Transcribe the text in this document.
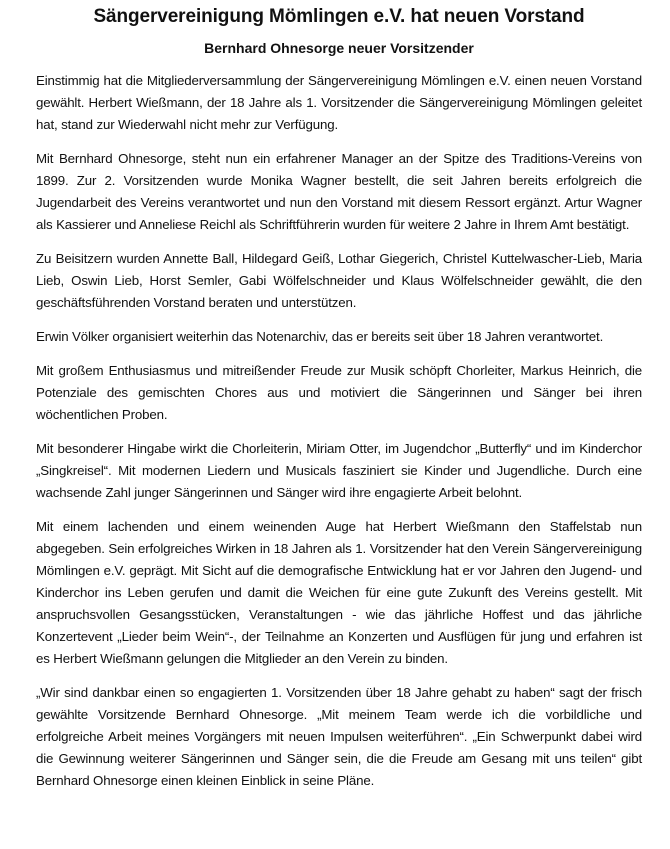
Sängervereinigung Mömlingen e.V. hat neuen Vorstand
Bernhard Ohnesorge neuer Vorsitzender

Einstimmig hat die Mitgliederversammlung der Sängervereinigung Mömlingen e.V. einen neuen Vorstand gewählt. Herbert Wießmann, der 18 Jahre als 1. Vorsitzender die Sängervereinigung Mömlingen geleitet hat, stand zur Wiederwahl nicht mehr zur Verfügung.

Mit Bernhard Ohnesorge, steht nun ein erfahrener Manager an der Spitze des Traditions-Vereins von 1899. Zur 2. Vorsitzenden wurde Monika Wagner bestellt, die seit Jahren bereits erfolgreich die Jugendarbeit des Vereins verantwortet und nun den Vorstand mit diesem Ressort ergänzt. Artur Wagner als Kassierer und Anneliese Reichl als Schriftführerin wurden für weitere 2 Jahre in Ihrem Amt bestätigt.

Zu Beisitzern wurden Annette Ball, Hildegard Geiß, Lothar Giegerich, Christel Kuttelwascher-Lieb, Maria Lieb, Oswin Lieb, Horst Semler, Gabi Wölfelschneider und Klaus Wölfelschneider gewählt, die den geschäftsführenden Vorstand beraten und unterstützen.

Erwin Völker organisiert weiterhin das Notenarchiv, das er bereits seit über 18 Jahren verantwortet.

Mit großem Enthusiasmus und mitreißender Freude zur Musik schöpft Chorleiter, Markus Heinrich, die Potenziale des gemischten Chores aus und motiviert die Sängerinnen und Sänger bei ihren wöchentlichen Proben.

Mit besonderer Hingabe wirkt die Chorleiterin, Miriam Otter, im Jugendchor „Butterfly“ und im Kinderchor „Singkreisel“. Mit modernen Liedern und Musicals fasziniert sie Kinder und Jugendliche. Durch eine wachsende Zahl junger Sängerinnen und Sänger wird ihre engagierte Arbeit belohnt.

Mit einem lachenden und einem weinenden Auge hat Herbert Wießmann den Staffelstab nun abgegeben. Sein erfolgreiches Wirken in 18 Jahren als 1. Vorsitzender hat den Verein Sängervereinigung Mömlingen e.V. geprägt. Mit Sicht auf die demografische Entwicklung hat er vor Jahren den Jugend- und Kinderchor ins Leben gerufen und damit die Weichen für eine gute Zukunft des Vereins gestellt. Mit anspruchsvollen Gesangsstücken, Veranstaltungen - wie das jährliche Hoffest und das jährliche Konzertevent „Lieder beim Wein“-, der Teilnahme an Konzerten und Ausflügen für jung und erfahren ist es Herbert Wießmann gelungen die Mitglieder an den Verein zu binden.

„Wir sind dankbar einen so engagierten 1. Vorsitzenden über 18 Jahre gehabt zu haben“ sagt der frisch gewählte Vorsitzende Bernhard Ohnesorge. „Mit meinem Team werde ich die vorbildliche und erfolgreiche Arbeit meines Vorgängers mit neuen Impulsen weiterführen“. „Ein Schwerpunkt dabei wird die Gewinnung weiterer Sängerinnen und Sänger sein, die die Freude am Gesang mit uns teilen“ gibt Bernhard Ohnesorge einen kleinen Einblick in seine Pläne.
